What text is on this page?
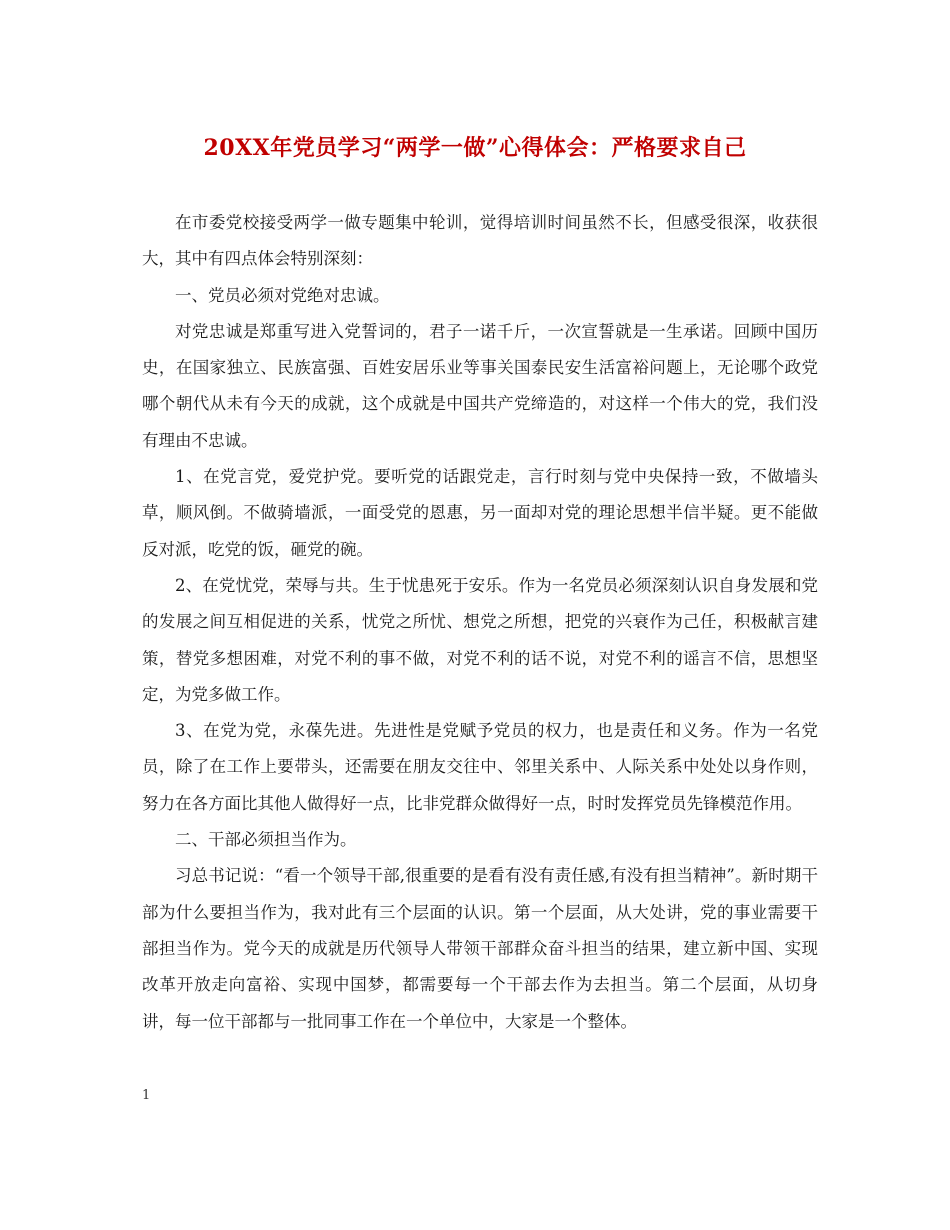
20XX年党员学习“两学一做”心得体会：严格要求自己

在市委党校接受两学一做专题集中轮训，觉得培训时间虽然不长，但感受很深，收获很大，其中有四点体会特别深刻：

一、党员必须对党绝对忠诚。

对党忠诚是郑重写进入党誓词的，君子一诺千斤，一次宣誓就是一生承诺。回顾中国历史，在国家独立、民族富强、百姓安居乐业等事关国泰民安生活富裕问题上，无论哪个政党哪个朝代从未有今天的成就，这个成就是中国共产党缔造的，对这样一个伟大的党，我们没有理由不忠诚。

1、在党言党，爱党护党。要听党的话跟党走，言行时刻与党中央保持一致，不做墙头草，顺风倒。不做骑墙派，一面受党的恩惠，另一面却对党的理论思想半信半疑。更不能做反对派，吃党的饭，砸党的碗。

2、在党忧党，荣辱与共。生于忧患死于安乐。作为一名党员必须深刻认识自身发展和党的发展之间互相促进的关系，忧党之所忧、想党之所想，把党的兴衰作为己任，积极献言建策，替党多想困难，对党不利的事不做，对党不利的话不说，对党不利的谣言不信，思想坚定，为党多做工作。

3、在党为党，永葆先进。先进性是党赋予党员的权力，也是责任和义务。作为一名党员，除了在工作上要带头，还需要在朋友交往中、邻里关系中、人际关系中处处以身作则，努力在各方面比其他人做得好一点，比非党群众做得好一点，时时发挥党员先锋模范作用。

二、干部必须担当作为。

习总书记说：“看一个领导干部,很重要的是看有没有责任感,有没有担当精神”。新时期干部为什么要担当作为，我对此有三个层面的认识。第一个层面，从大处讲，党的事业需要干部担当作为。党今天的成就是历代领导人带领干部群众奋斗担当的结果，建立新中国、实现改革开放走向富裕、实现中国梦，都需要每一个干部去作为去担当。第二个层面，从切身讲，每一位干部都与一批同事工作在一个单位中，大家是一个整体。

1
